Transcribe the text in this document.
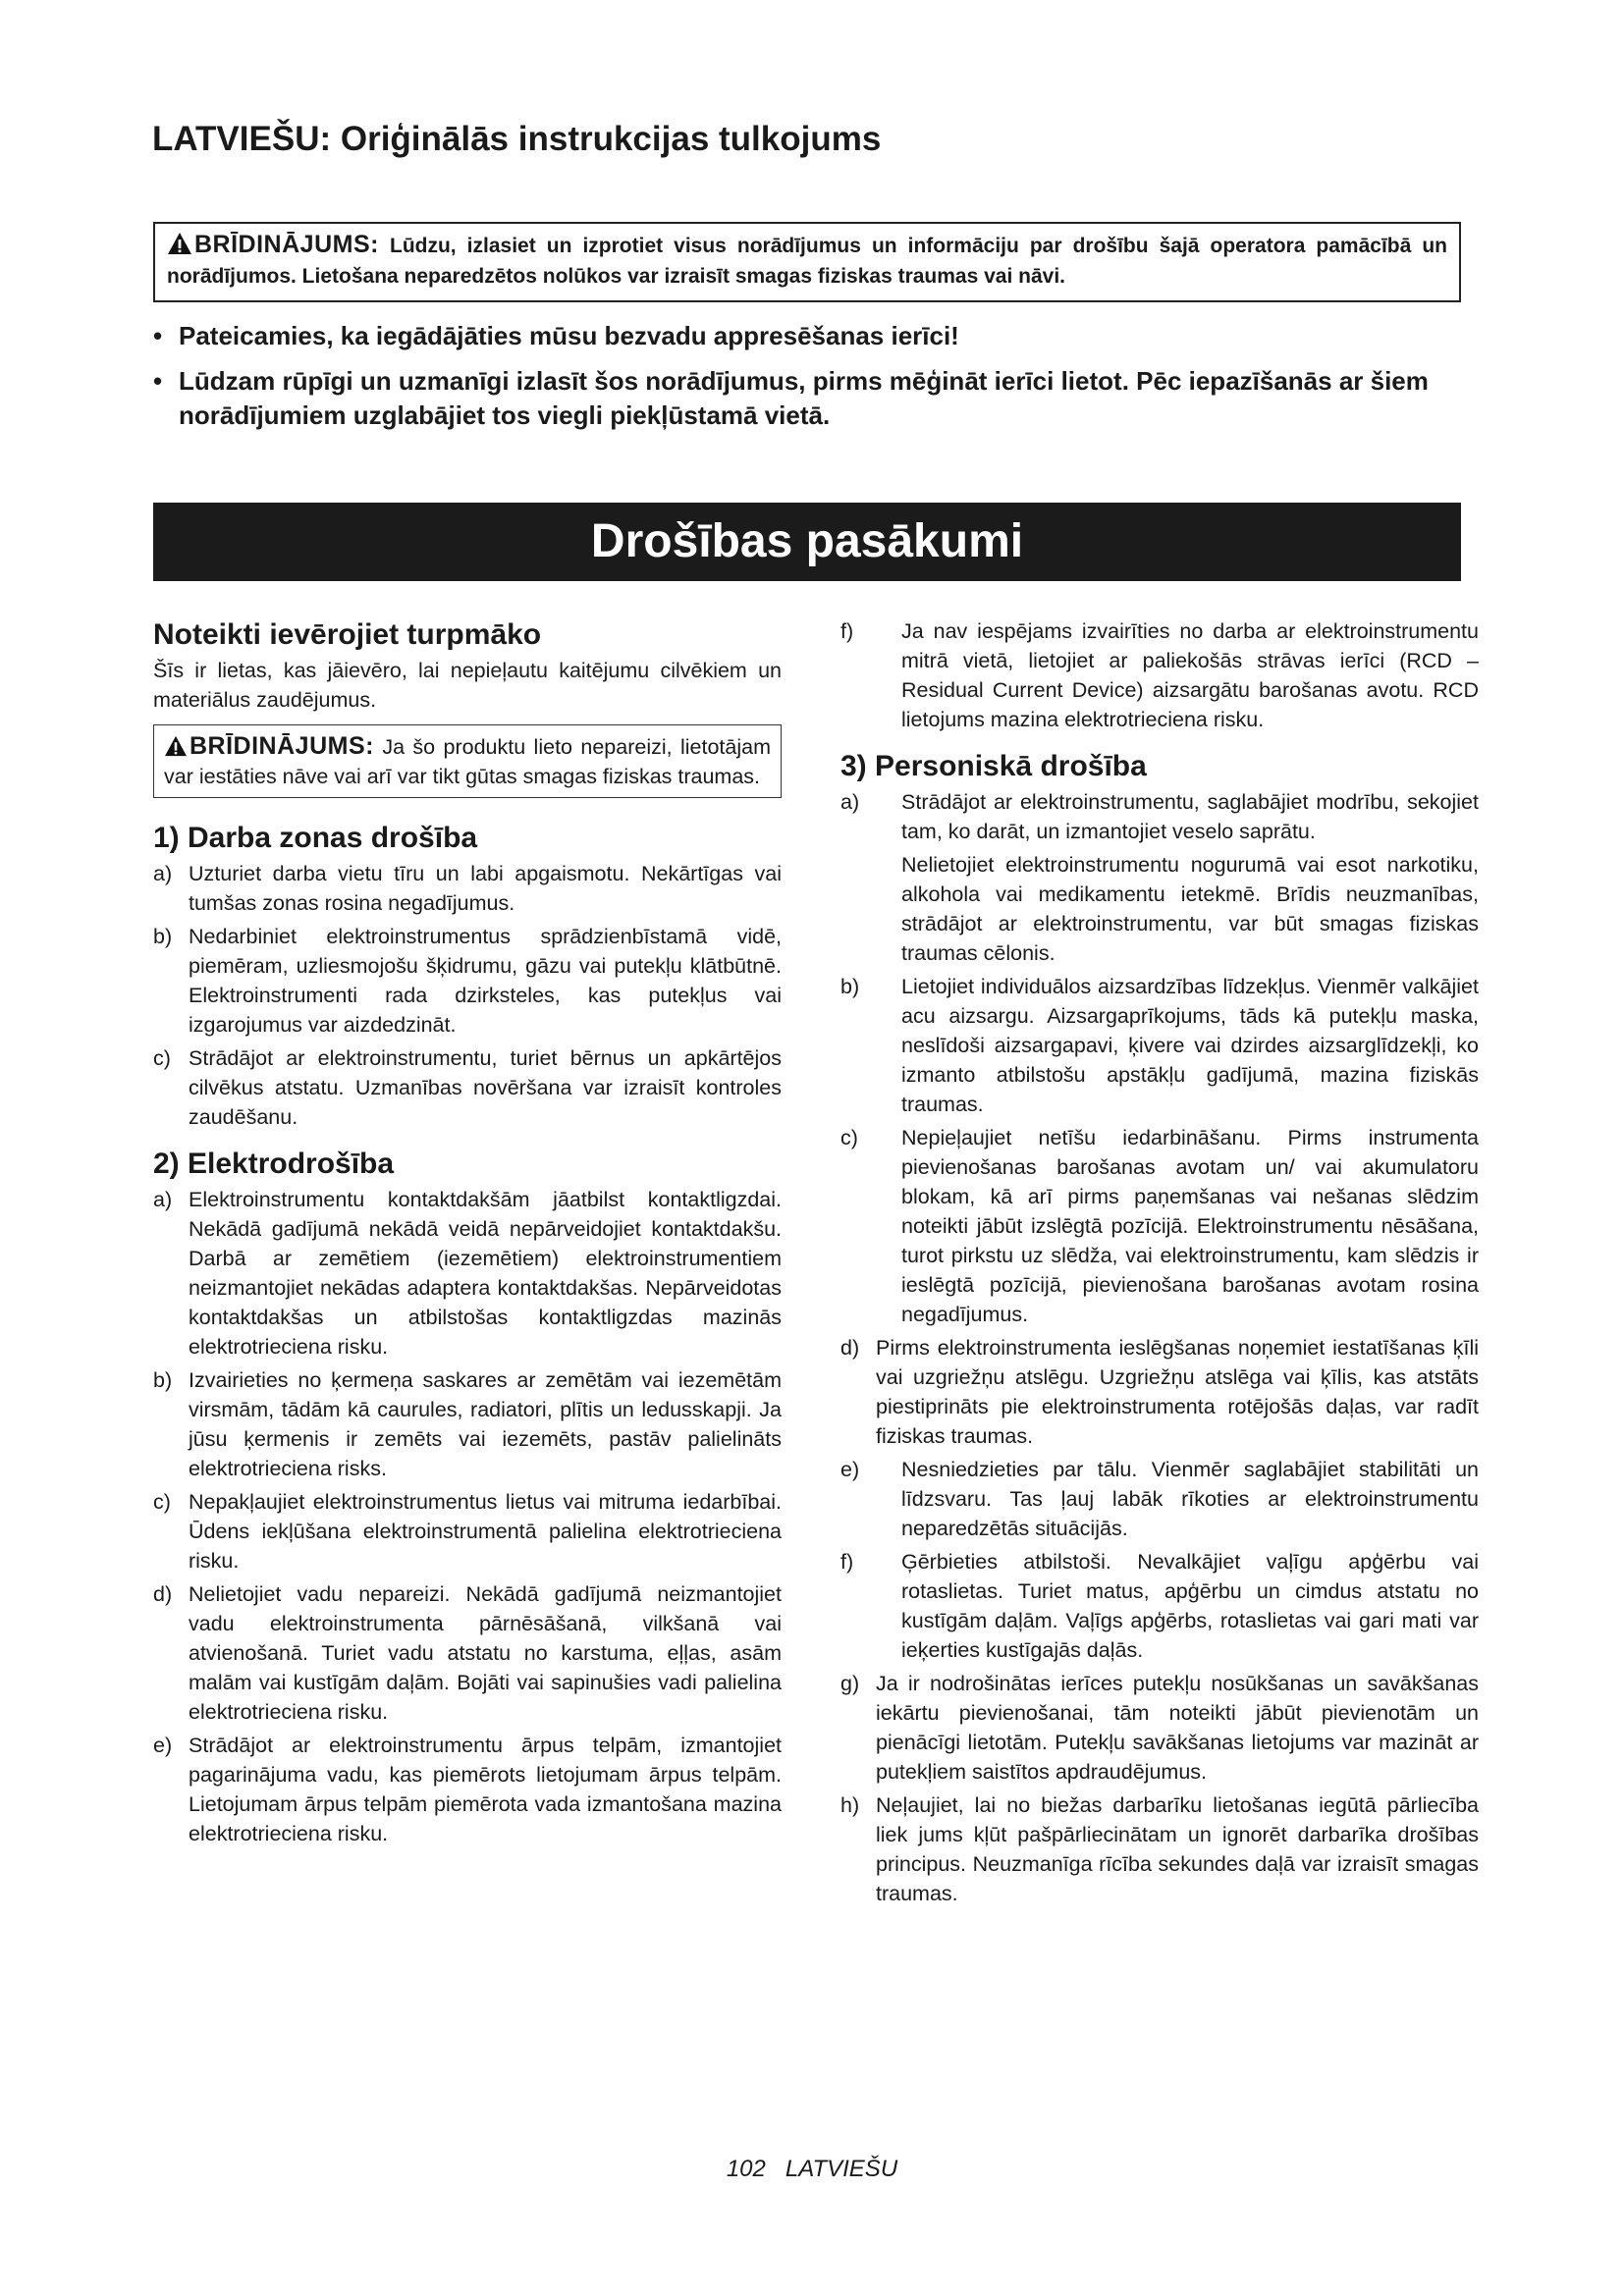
LATVIEŠU: Oriģinālās instrukcijas tulkojums
BRĪDINĀJUMS: Lūdzu, izlasiet un izprotiet visus norādījumus un informāciju par drošību šajā operatora pamācībā un norādījumos. Lietošana neparedzētos nolūkos var izraisīt smagas fiziskas traumas vai nāvi.
• Pateicamies, ka iegādājāties mūsu bezvadu appresēšanas ierīci!
• Lūdzam rūpīgi un uzmanīgi izlasīt šos norādījumus, pirms mēģināt ierīci lietot. Pēc iepazīšanās ar šiem norādījumiem uzglabājiet tos viegli piekļūstamā vietā.
Drošības pasākumi
Noteikti ievērojiet turpmāko

Šīs ir lietas, kas jāievēro, lai nepieļautu kaitējumu cilvēkiem un materiālus zaudējumus.

BRĪDINĀJUMS: Ja šo produktu lieto nepareizi, lietotājam var iestāties nāve vai arī var tikt gūtas smagas fiziskas traumas.
1) Darba zonas drošība
a) Uzturiet darba vietu tīru un labi apgaismotu. Nekārtīgas vai tumšas zonas rosina negadījumus.
b) Nedarbiniet elektroinstrumentus sprādzienbīstamā vidē, piemēram, uzliesmojošu šķidrumu, gāzu vai putekļu klātbūtnē. Elektroinstrumenti rada dzirksteles, kas putekļus vai izgarojumus var aizdedzināt.
c) Strādājot ar elektroinstrumentu, turiet bērnus un apkārtējos cilvēkus atstatu. Uzmanības novēršana var izraisīt kontroles zaudēšanu.
2) Elektrodrošība
a) Elektroinstrumentu kontaktdakšām jāatbilst kontaktligzdai. Nekādā gadījumā nekādā veidā nepārveidojiet kontaktdakšu. Darbā ar zemētiem (iezemētiem) elektroinstrumentiem neizmantojiet nekādas adaptera kontaktdakšas. Nepārveidotas kontaktdakšas un atbilstošas kontaktligzdas mazinās elektrotrieciena risku.
b) Izvairieties no ķermeņa saskares ar zemētām vai iezemētām virsmām, tādām kā caurules, radiatori, plītis un ledusskapji. Ja jūsu ķermenis ir zemēts vai iezemēts, pastāv palielināts elektrotrieciena risks.
c) Nepakļaujiet elektroinstrumentus lietus vai mitruma iedarbībai. Ūdens iekļūšana elektroinstrumentā palielina elektrotrieciena risku.
d) Nelietojiet vadu nepareizi. Nekādā gadījumā neizmantojiet vadu elektroinstrumenta pārnēsāšanā, vilkšanā vai atvienošanā. Turiet vadu atstatu no karstuma, eļļas, asām malām vai kustīgām daļām. Bojāti vai sapinušies vadi palielina elektrotrieciena risku.
e) Strādājot ar elektroinstrumentu ārpus telpām, izmantojiet pagarinājuma vadu, kas piemērots lietojumam ārpus telpām. Lietojumam ārpus telpām piemērota vada izmantošana mazina elektrotrieciena risku.
f)	Ja nav iespējams izvairīties no darba ar elektroinstrumentu mitrā vietā, lietojiet ar paliekošās strāvas ierīci (RCD – Residual Current Device) aizsargātu barošanas avotu. RCD lietojums mazina elektrotrieciena risku.
3) Personiskā drošība
a)	Strādājot ar elektroinstrumentu, saglabājiet modrību, sekojiet tam, ko darāt, un izmantojiet veselo saprātu.
Nelietojiet elektroinstrumentu nogurumā vai esot narkotiku, alkohola vai medikamentu ietekmē. Brīdis neuzmanības, strādājot ar elektroinstrumentu, var būt smagas fiziskas traumas cēlonis.
b)	Lietojiet individuālos aizsardzības līdzekļus. Vienmēr valkājiet acu aizsargu. Aizsargaprīkojums, tāds kā putekļu maska, neslīdoši aizsargapavi, ķivere vai dzirdes aizsarglīdzekļi, ko izmanto atbilstošu apstākļu gadījumā, mazina fiziskās traumas.
c)	Nepieļaujiet netīšu iedarbināšanu. Pirms instrumenta pievienošanas barošanas avotam un/ vai akumulatoru blokam, kā arī pirms paņemšanas vai nešanas slēdzim noteikti jābūt izslēgtā pozīcijā. Elektroinstrumentu nēsāšana, turot pirkstu uz slēdža, vai elektroinstrumentu, kam slēdzis ir ieslēgtā pozīcijā, pievienošana barošanas avotam rosina negadījumus.
d) Pirms elektroinstrumenta ieslēgšanas noņemiet iestatīšanas ķīli vai uzgriežņu atslēgu. Uzgriežņu atslēga vai ķīlis, kas atstāts piestiprināts pie elektroinstrumenta rotējošās daļas, var radīt fiziskas traumas.
e)	Nesniedzieties par tālu. Vienmēr saglabājiet stabilitāti un līdzsvaru. Tas ļauj labāk rīkoties ar elektroinstrumentu neparedzētās situācijās.
f)	Ģērbieties atbilstoši. Nevalkājiet vaļīgu apģērbu vai rotaslietas. Turiet matus, apģērbu un cimdus atstatu no kustīgām daļām. Vaļīgs apģērbs, rotaslietas vai gari mati var ieķerties kustīgajās daļās.
g) Ja ir nodrošinātas ierīces putekļu nosūkšanas un savākšanas iekārtu pievienošanai, tām noteikti jābūt pievienotām un pienācīgi lietotām. Putekļu savākšanas lietojums var mazināt ar putekļiem saistītos apdraudējumus.
h) Neļaujiet, lai no biežas darbarīku lietošanas iegūtā pārliecība liek jums kļūt pašpārliecinātam un ignorēt darbarīka drošības principus. Neuzmanīga rīcība sekundes daļā var izraisīt smagas traumas.
102 LATVIEŠU
